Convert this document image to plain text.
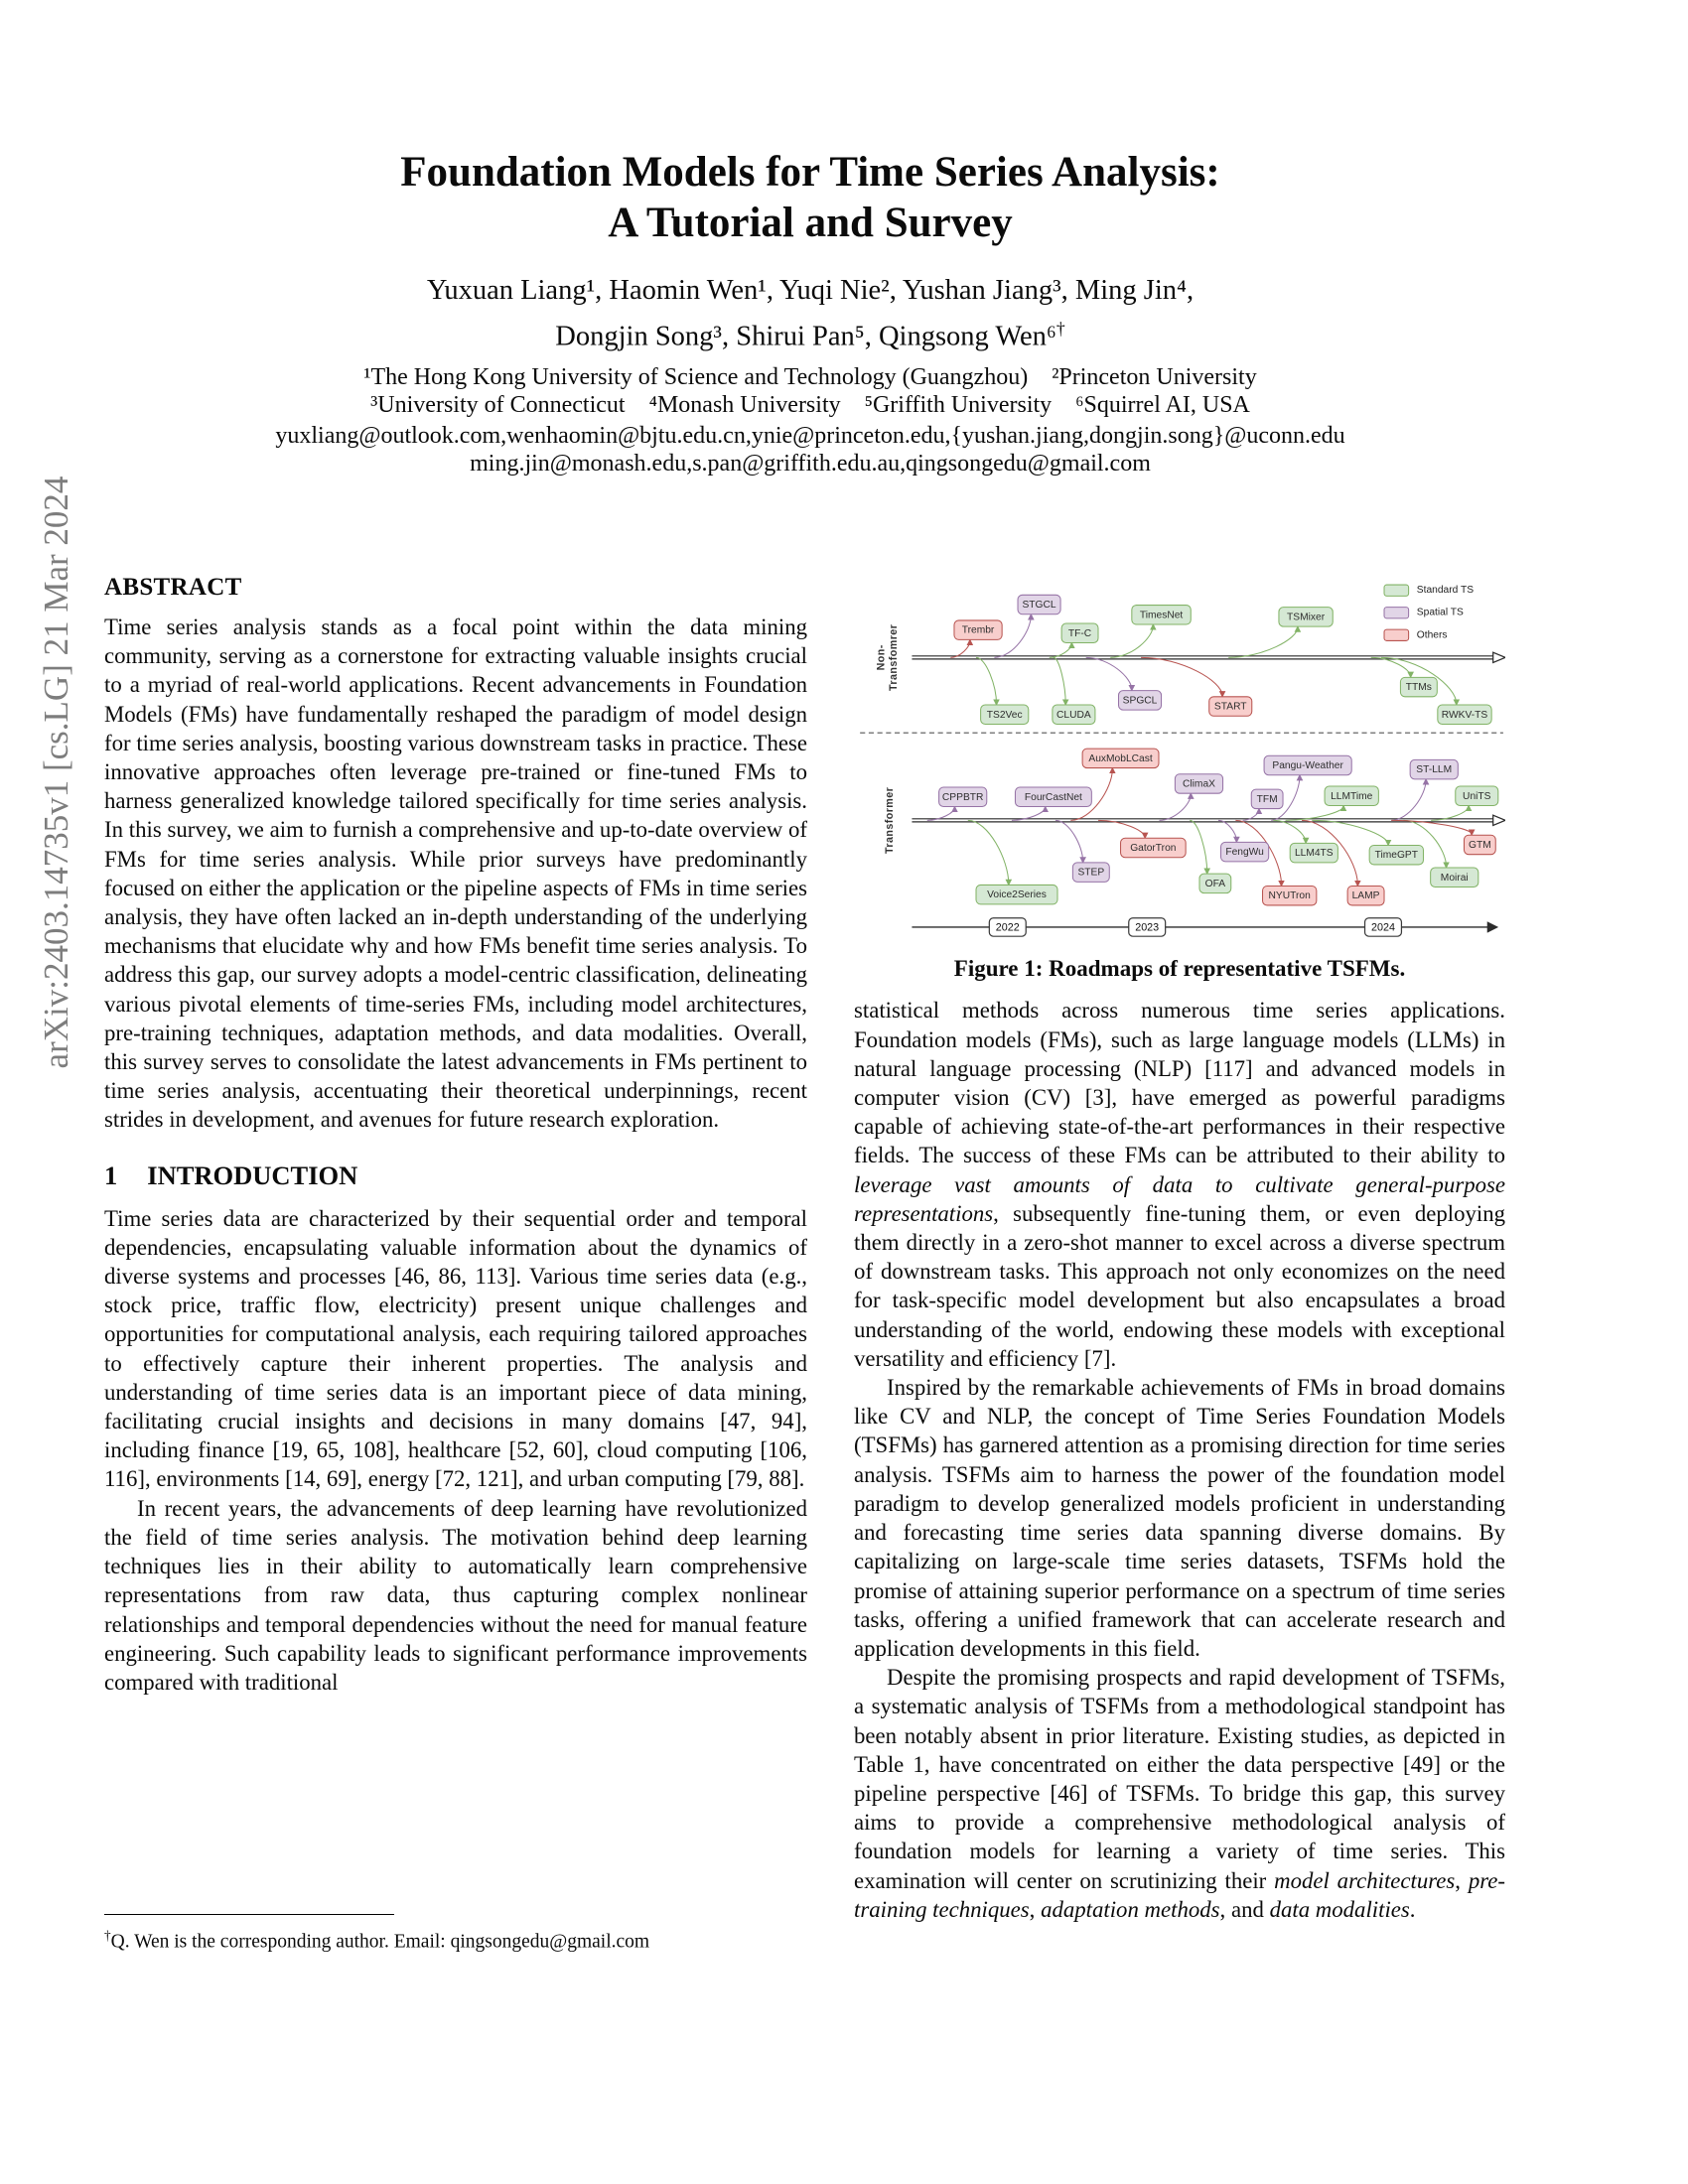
arXiv:2403.14735v1 [cs.LG] 21 Mar 2024
Foundation Models for Time Series Analysis:
A Tutorial and Survey
Yuxuan Liang¹, Haomin Wen¹, Yuqi Nie², Yushan Jiang³, Ming Jin⁴,
Dongjin Song³, Shirui Pan⁵, Qingsong Wen⁶†
¹The Hong Kong University of Science and Technology (Guangzhou) ²Princeton University
³University of Connecticut ⁴Monash University ⁵Griffith University ⁶Squirrel AI, USA
yuxliang@outlook.com,wenhaomin@bjtu.edu.cn,ynie@princeton.edu,{yushan.jiang,dongjin.song}@uconn.edu
ming.jin@monash.edu,s.pan@griffith.edu.au,qingsongedu@gmail.com
ABSTRACT

Time series analysis stands as a focal point within the data mining community, serving as a cornerstone for extracting valuable insights crucial to a myriad of real-world applications. Recent advancements in Foundation Models (FMs) have fundamentally reshaped the paradigm of model design for time series analysis, boosting various downstream tasks in practice. These innovative approaches often leverage pre-trained or fine-tuned FMs to harness generalized knowledge tailored specifically for time series analysis. In this survey, we aim to furnish a comprehensive and up-to-date overview of FMs for time series analysis. While prior surveys have predominantly focused on either the application or the pipeline aspects of FMs in time series analysis, they have often lacked an in-depth understanding of the underlying mechanisms that elucidate why and how FMs benefit time series analysis. To address this gap, our survey adopts a model-centric classification, delineating various pivotal elements of time-series FMs, including model architectures, pre-training techniques, adaptation methods, and data modalities. Overall, this survey serves to consolidate the latest advancements in FMs pertinent to time series analysis, accentuating their theoretical underpinnings, recent strides in development, and avenues for future research exploration.

1 INTRODUCTION

Time series data are characterized by their sequential order and temporal dependencies, encapsulating valuable information about the dynamics of diverse systems and processes [46, 86, 113]. Various time series data (e.g., stock price, traffic flow, electricity) present unique challenges and opportunities for computational analysis, each requiring tailored approaches to effectively capture their inherent properties. The analysis and understanding of time series data is an important piece of data mining, facilitating crucial insights and decisions in many domains [47, 94], including finance [19, 65, 108], healthcare [52, 60], cloud computing [106, 116], environments [14, 69], energy [72, 121], and urban computing [79, 88].

In recent years, the advancements of deep learning have revolutionized the field of time series analysis. The motivation behind deep learning techniques lies in their ability to automatically learn comprehensive representations from raw data, thus capturing complex nonlinear relationships and temporal dependencies without the need for manual feature engineering. Such capability leads to significant performance improvements compared with traditional

Standard TS
Spatial TS
Others
Non- Transfomrer	Trembr
STGCL
TF-C
TimesNet	TSMixer
TS2Vec	CLUDA
SPGCL
START
TTMs
RWKV-TS
Transformer	CPPBTR	FourCastNet
AuxMobLCast
ClimaX
TFM
Pangu-Weather
LLMTime
ST-LLM
UniTS
Voice2Series
STEP
GatorTron
OFA
FengWu
NYUTron
LLM4TS
LAMP
TimeGPT
Moirai
GTM
2022	2023	2024
Figure 1: Roadmaps of representative TSFMs.

statistical methods across numerous time series applications. Foundation models (FMs), such as large language models (LLMs) in natural language processing (NLP) [117] and advanced models in computer vision (CV) [3], have emerged as powerful paradigms capable of achieving state-of-the-art performances in their respective fields. The success of these FMs can be attributed to their ability to leverage vast amounts of data to cultivate general-purpose representations, subsequently fine-tuning them, or even deploying them directly in a zero-shot manner to excel across a diverse spectrum of downstream tasks. This approach not only economizes on the need for task-specific model development but also encapsulates a broad understanding of the world, endowing these models with exceptional versatility and efficiency [7].

Inspired by the remarkable achievements of FMs in broad domains like CV and NLP, the concept of Time Series Foundation Models (TSFMs) has garnered attention as a promising direction for time series analysis. TSFMs aim to harness the power of the foundation model paradigm to develop generalized models proficient in understanding and forecasting time series data spanning diverse domains. By capitalizing on large-scale time series datasets, TSFMs hold the promise of attaining superior performance on a spectrum of time series tasks, offering a unified framework that can accelerate research and application developments in this field.

Despite the promising prospects and rapid development of TSFMs, a systematic analysis of TSFMs from a methodological standpoint has been notably absent in prior literature. Existing studies, as depicted in Table 1, have concentrated on either the data perspective [49] or the pipeline perspective [46] of TSFMs. To bridge this gap, this survey aims to provide a comprehensive methodological analysis of foundation models for learning a variety of time series. This examination will center on scrutinizing their model architectures, pre-training techniques, adaptation methods, and data modalities.

†Q. Wen is the corresponding author. Email: qingsongedu@gmail.com
